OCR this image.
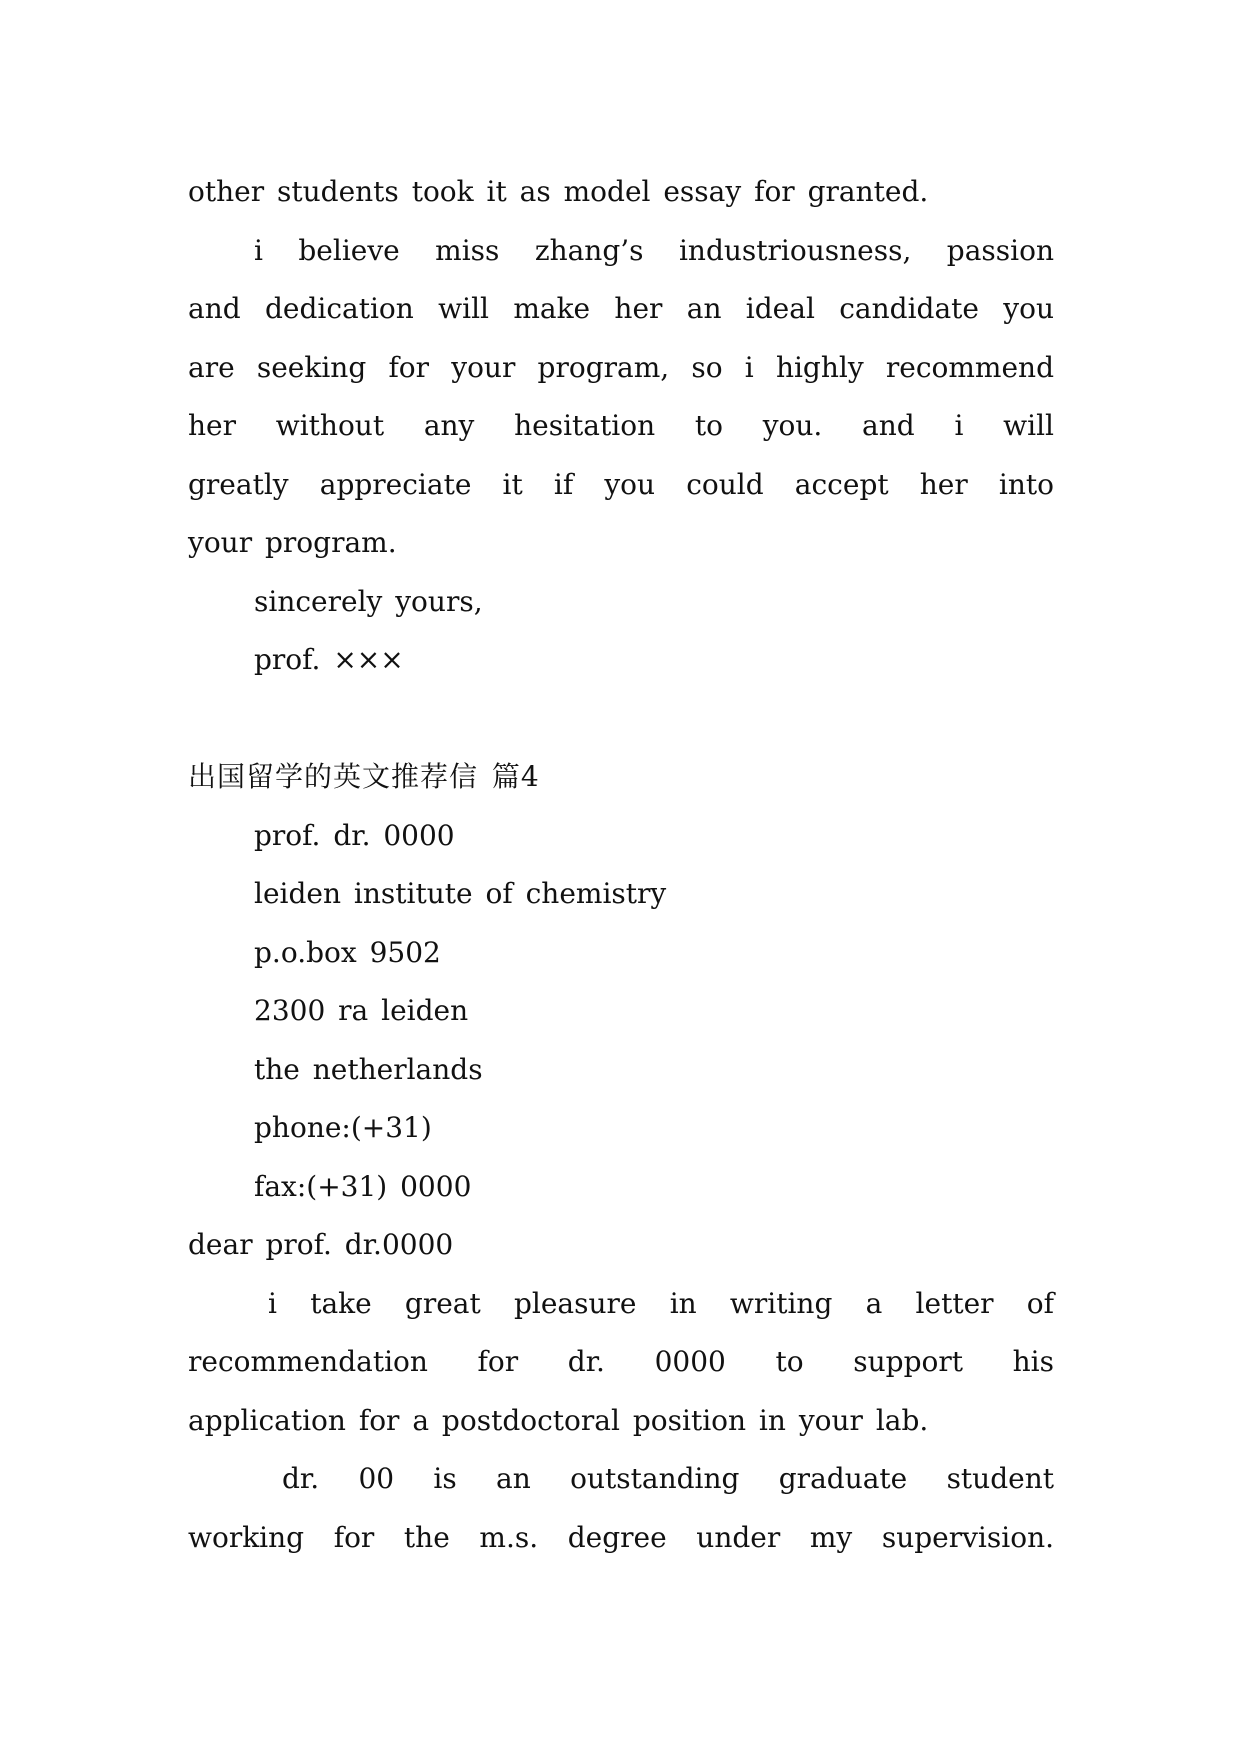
other students took it as model essay for granted.
i believe miss zhang’s industriousness, passion
and dedication will make her an ideal candidate you
are seeking for your program, so i highly recommend
her without any hesitation to you. and i will
greatly appreciate it if you could accept her into
your program.
sincerely yours,
prof. ×××
出国留学的英文推荐信 篇4
prof. dr. 0000
leiden institute of chemistry
p.o.box 9502
2300 ra leiden
the netherlands
phone:(+31)
fax:(+31) 0000
dear prof. dr.0000
i take great pleasure in writing a letter of
recommendation for dr. 0000 to support his
application for a postdoctoral position in your lab.
dr. 00 is an outstanding graduate student
working for the m.s. degree under my supervision.
